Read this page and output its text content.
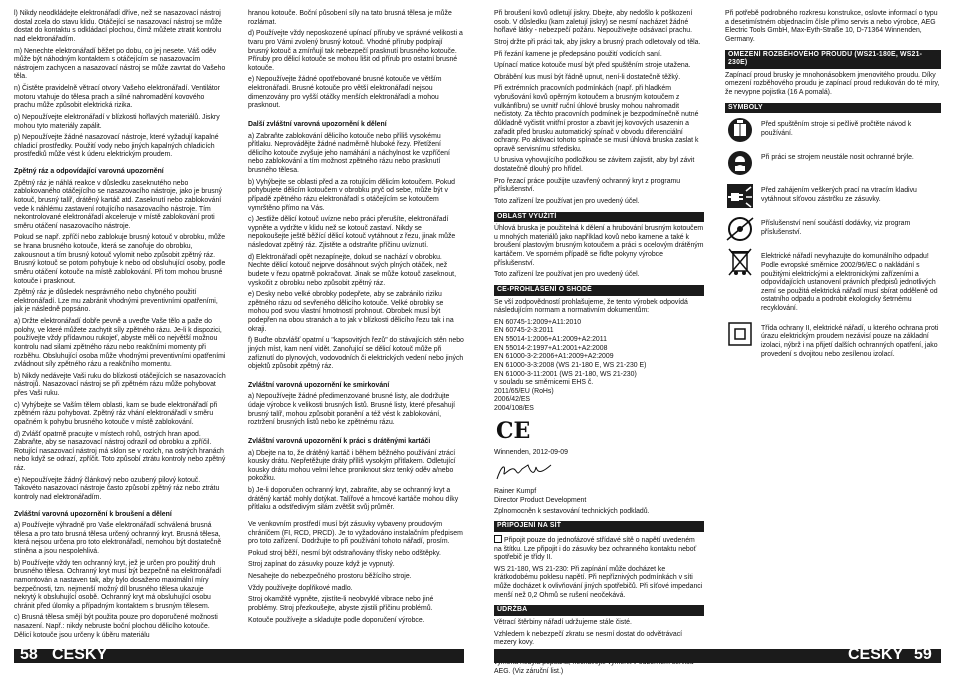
l) Nikdy neodkládejte elektronářadí dříve, než se nasazovací nástroj dostal zcela do stavu klidu. Otáčející se nasazovací nástroj se může dostat do kontaktu s odkládací plochou, čímž můžete ztratit kontrolu nad elektronářadím.

m) Nenechte elektronářadí běžet po dobu, co jej nesete. Váš oděv může být náhodným kontaktem s otáčejícím se nasazovacím nástrojem zachycen a nasazovací nástroj se může zavrtat do Vašeho těla.

n) Čistěte pravidelně větrací otvory Vašeho elektronářadí. Ventilátor motoru vtahuje do tělesa prach a silné nahromadění kovového prachu může způsobit elektrická rizika.

o) Nepoužívejte elektronářadí v blízkosti hořlavých materiálů. Jiskry mohou tyto materiály zapálit.

p) Nepoužívejte žádné nasazovací nástroje, které vyžadují kapalné chladicí prostředky. Použití vody nebo jiných kapalných chladicích prostředků může vést k úderu elektrickým proudem.

Zpětný ráz a odpovídající varovná upozornění

Zpětný ráz je náhlá reakce v důsledku zaseknutého nebo zablokovaného otáčejícího se nasazovacího nástroje, jako je brusný kotouč, brusný talíř, drátěný kartáč atd. Zaseknutí nebo zablokování vede k náhlému zastavení rotujícího nasazovacího nástroje. Tím nekontrolované elektronářadí akceleruje v místě zablokování proti směru otáčení nasazovacího nástroje.

Pokud se např. zpříčí nebo zablokuje brusný kotouč v obrobku, může se hrana brusného kotouče, která se zanořuje do obrobku, zakousnout a tím brusný kotouč vylomit nebo způsobit zpětný ráz. Brusný kotouč se potom pohybuje k nebo od obsluhující osoby, podle směru otáčení kotouče na místě zablokování. Při tom mohou brusné kotouče i prasknout.

Zpětný ráz je důsledek nesprávného nebo chybného použití elektronářadí. Lze mu zabránit vhodnými preventivními opatřeními, jak je následně popsáno.

a) Držte elektronářadí dobře pevně a uveďte Vaše tělo a paže do polohy, ve které můžete zachytit síly zpětného rázu. Je-li k dispozici, používejte vždy přídavnou rukojeť, abyste měli co největší možnou kontrolu nad silami zpětného rázu nebo reakčními momenty při rozběhu. Obsluhující osoba může vhodnými preventivními opatřeními zvládnout síly zpětného rázu a reakčního momentu.

b) Nikdy nedávejte Vaši ruku do blízkosti otáčejících se nasazovacích nástrojů. Nasazovací nástroj se při zpětném rázu může pohybovat přes Vaši ruku.

c) Vyhýbejte se Vaším tělem oblasti, kam se bude elektronářadí při zpětném rázu pohybovat. Zpětný ráz vhání elektronářadí v směru opačném k pohybu brusného kotouče v místě zablokování.

d) Zvlášť opatrně pracujte v místech rohů, ostrých hran apod. Zabraňte, aby se nasazovací nástroj odrazil od obrobku a zpříčil. Rotující nasazovací nástroj má sklon se v rozích, na ostrých hranách nebo když se odrazí, zpříčit. Toto způsobí ztrátu kontroly nebo zpětný ráz.

e) Nepoužívejte žádný článkový nebo ozubený pilový kotouč. Takovéto nasazovací nástroje často způsobí zpětný ráz nebo ztrátu kontroly nad elektronářadím.

Zvláštní varovná upozornění k broušení a dělení

a) Používejte výhradně pro Vaše elektronářadí schválená brusná tělesa a pro tato brusná tělesa určený ochranný kryt. Brusná tělesa, která nejsou určena pro toto elektronářadí, nemohou být dostatečně stíněna a jsou nespolehlivá.

b) Používejte vždy ten ochranný kryt, jež je určen pro použitý druh brusného tělesa. Ochranný kryt musí být bezpečně na elektronářadí namontován a nastaven tak, aby bylo dosaženo maximální míry bezpečnosti, tzn. nejmenší možný díl brusného tělesa ukazuje nekrytý k obsluhující osobě. Ochranný kryt má obsluhující osobu chránit před úlomky a případným kontaktem s brusným tělesem.

c) Brusná tělesa smějí být použita pouze pro doporučené možnosti nasazení. Např.: nikdy nebruste boční plochou dělicího kotouče. Dělicí kotouče jsou určeny k úběru materiálu

hranou kotouče. Boční působení síly na tato brusná tělesa je může rozlámat.

d) Používejte vždy neposkozené upínací příruby ve správné velikosti a tvaru pro Vámi zvolený brusný kotouč. Vhodné příruby podpírají brusný kotouč a zmírňují tak nebezpečí prasknutí brusného kotouče. Příruby pro dělicí kotouče se mohou lišit od přírub pro ostatní brusné kotouče.

e) Nepoužívejte žádné opotřebované brusné kotouče ve větším elektronářadí. Brusné kotouče pro větší elektronářadí nejsou dimenzovány pro vyšší otáčky menších elektronářadí a mohou prasknout.

Další zvláštní varovná upozornění k dělení

a) Zabraňte zablokování dělicího kotouče nebo příliš vysokému přítlaku. Neprovádějte žádné nadměrně hluboké řezy. Přetížení dělicího kotouče zvyšuje jeho namáhání a náchylnost ke vzpříčení nebo zablokování a tím možnost zpětného rázu nebo prasknutí brusného tělesa.

b) Vyhýbejte se oblasti před a za rotujícím dělicím kotoučem. Pokud pohybujete dělicím kotoučem v obrobku pryč od sebe, může být v případě zpětného rázu elektronářadí s otáčejícím se kotoučem vymrštěno přímo na Vás.

c) Jestliže dělicí kotouč uvízne nebo práci přerušíte, elektronářadí vypněte a vydržte v klidu než se kotouč zastaví. Nikdy se nepokoušejte ještě běžící dělicí kotouč vytáhnout z řezu, jinak může následovat zpětný ráz. Zjistěte a odstraňte příčinu uvíznutí.

d) Elektronářadí opět nezapínejte, dokud se nachází v obrobku. Nechte dělicí kotouč nejprve dosáhnout svých plných otáček, než budete v řezu opatrně pokračovat. Jinak se může kotouč zaseknout, vyskočit z obrobku nebo způsobit zpětný ráz.

e) Desky nebo velké obrobky podepřete, aby se zabránilo riziku zpětného rázu od sevřeného dělicího kotouče. Velké obrobky se mohou pod svou vlastní hmotností prohnout. Obrobek musí být podepřen na obou stranách a to jak v blízkosti dělicího řezu tak i na okraji.

f) Buďte obzvlášť opatrní u "kapsovitých řezů" do stávajících stěn nebo jiných míst, kam není vidět. Zanořující se dělicí kotouč může při zafíznutí do plynových, vodovodních či elektrických vedení nebo jiných objektů způsobit zpětný ráz.

Zvláštní varovná upozornění ke smirkování

a) Nepoužívejte žádné předimenzované brusné listy, ale dodržujte údaje výrobce k velikosti brusných listů. Brusné listy, které přesahují brusný talíř, mohou způsobit poranění a též vést k zablokování, roztržení brusných listů nebo ke zpětnému rázu.

Zvláštní varovná upozornění k práci s drátěnými kartáči

a) Dbejte na to, že drátěný kartáč i během běžného používání ztrácí kousky drátu. Nepřetěžujte dráty příliš vysokým přítlakem. Odletující kousky drátu mohou velmi lehce proniknout skrz tenký oděv a/nebo pokožku.

b) Je-li doporučen ochranný kryt, zabraňte, aby se ochranný kryt a drátěný kartáč mohly dotýkat. Talířové a hrncové kartáče mohou díky přítlaku a odstředivým silám zvětšit svůj průměr.

Ve venkovním prostředí musí být zásuvky vybaveny proudovým chráničem (FI, RCD, PRCD). Je to vyžadováno instalačním předpisem pro toto zařízení. Dodržujte to při používání tohoto nářadí, prosím.

Pokud stroj běží, nesmí být odstraňovány třísky nebo odštěpky.

Stroj zapínat do zásuvky pouze když je vypnutý.

Nesahejte do nebezpečného prostoru běžícího stroje.

Vždy používejte doplňkové madlo.

Stroj okamžitě vypněte, zjistíte-li neobvyklé vibrace nebo jiné problémy. Stroj přezkoušejte, abyste zjistili příčinu problémů.

Kotouče používejte a skladujte podle doporučení výrobce.

Při broušení kovů odletují jiskry. Dbejte, aby nedošlo k poškození osob. V důsledku (kam zaletují jiskry) se nesmí nacházet žádné hořlavé látky - nebezpečí požáru. Nepoužívejte odsávací prachu.

Stroj držte při práci tak, aby jiskry a brusný prach odletovaly od těla.

Při řezání kamene je předepsáno použití vodicích saní.

Upínací matice kotouče musí být před spuštěním stroje utažena.

Obrábění kus musí být řádně upnut, není-li dostatečně těžký.

Při extrémních pracovních podmínkách (např. při hladkém vybrušování kovů opěrným kotoučem a brusným kotoučem z vulkánfíbru) se uvnitř ruční úhlové brusky mohou nahromadit nečistoty. Za těchto pracovních podmínek je bezpodmínečně nutné důkladně vyčistit vnitřní prostor a zbavit jej kovových usazenin a zařadit před brusku automatický spínač v obvodu diferenciální ochrany. Po aktivaci tohoto spínače se musí úhlová bruska zaslat k opravě servisnímu středisku.

U brusiva vyhovujícího podložkou se závitem zajistit, aby byl závit dostatečně dlouhý pro hřídel.

Pro řezací práce použijte uzavřený ochranný kryt z programu příslušenství.

Toto zařízení lze používat jen pro uvedený účel.

OBLAST VYUŽITÍ

Úhlová bruska je použitelná k dělení a hrubování brusným kotoučem u mnohých materiálů jako například kovů nebo kamene a také k broušení plastovým brusným kotoučem a práci s ocelovým drátěným kartáčem. Ve sporném případě se řiďte pokyny výrobce příslušenství.

Toto zařízení lze používat jen pro uvedený účel.

CE-PROHLÁŠENÍ O SHODĚ

Se vší zodpovědností prohlašujeme, že tento výrobek odpovídá následujícím normam a normativním dokumentům:

EN 60745-1:2009+A11:2010
EN 60745-2-3:2011
EN 55014-1:2006+A1:2009+A2:2011
EN 55014-2:1997+A1:2001+A2:2008
EN 61000-3-2:2006+A1:2009+A2:2009
EN 61000-3-3:2008 (WS 21-180 E, WS 21-230 E)
EN 61000-3-11:2001 (WS 21-180, WS 21-230)
v souladu se směrnicemi EHS č.
2011/65/EU (RoHs)
2006/42/ES
2004/108/ES
CE

Winnenden, 2012-09-09

Rainer Kumpf
Director Product Development

Zplnomocněn k sestavování technických podkladů.

PŘIPOJENÍ NA SÍŤ

Připojit pouze do jednofázové střídavé sítě o napětí uvedeném na štítku. Lze připojit i do zásuvky bez ochranného kontaktu neboť spotřebič je třídy II.

WS 21-180, WS 21-230: Při zapínání může docházet ke krátkodobému poklesu napětí. Při nepříznivých podmínkách v síti může docházet k ovlivňování jiných spotřebičů. Při síťové impedanci menší než 0,2 Ohmů se rušení neočekává.

ÚDRŽBA

Větrací štěrbiny nářadí udržujeme stále čisté.

Vzhledem k nebezpečí zkratu se nesmí dostat do odvětrávací mezery kovy.

AEG. (Viz záruční list.)

Při potřebě podrobného rozkresu konstrukce, oslovte informací o typu a desetimístném objednacím čísle přímo servis a nebo výrobce, AEG Electric Tools GmbH, Max-Eyth-Straße 10, D-71364 Winnenden, Germany.

OMEZENÍ ROZBĚHOVÉHO PROUDU (WS21-180E, WS21-230E)

Zapínací proud brusky je mnohonásobkem jmenovitého proudu. Díky omezení rozběhového proudu je zapínací proud redukován do té míry, že nevypne pojistka (16 A pomalá).

SYMBOLY
Před spuštěním stroje si pečlivě pročtěte návod k používání.
Při práci se strojem neustále nosit ochranné brýle.
Před zahájením veškerých prací na vtracím kladivu vytáhnout síťovou zástrčku ze zásuvky.
Příslušenství není součástí dodávky, viz program příslušenství.
Elektrické nářadí nevyhazujte do komunálního odpadu! Podle evropské směrnice 2002/96/EC o nakládání s použitými elektrickými a elektronickými zařízeními a odpovídajících ustanovení právních předpisů jednotlivých zemí se použitá elektrická nářadí musí sbírat odděleně od ostatního odpadu a podrobit ekologicky šetrnému recyklování.
Třída ochrany II, elektrické nářadí, u kterého ochrana proti úrazu elektrickým proudem nezávisí pouze na základní izolaci, nýbrž i na přijetí dalších ochranných opatření, jako provedení s dvojitou nebo zesílenou izolací.
58 ČESKY	ČESKY 59
